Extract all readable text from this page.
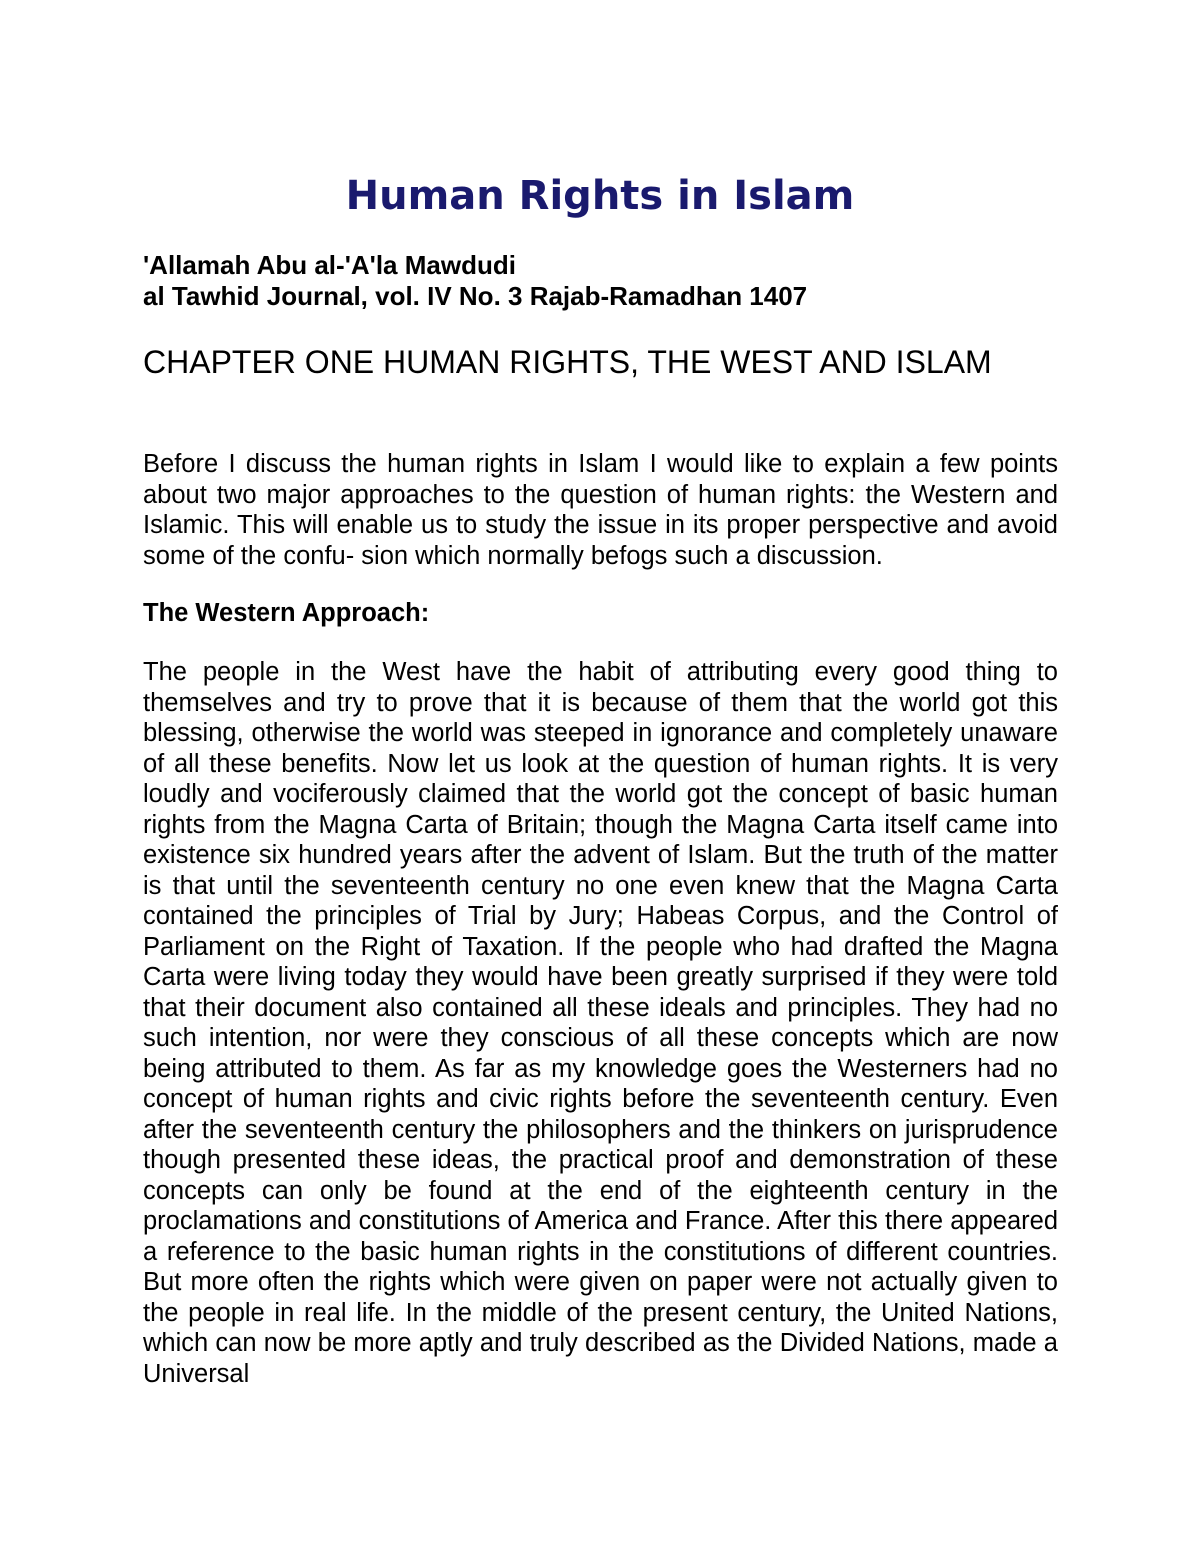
Human Rights in Islam
'Allamah Abu al-'A'la Mawdudi
al Tawhid Journal, vol. IV No. 3 Rajab-Ramadhan 1407
CHAPTER ONE HUMAN RIGHTS, THE WEST AND ISLAM

Before I discuss the human rights in Islam I would like to explain a few points about two major approaches to the question of human rights: the Western and Islamic. This will enable us to study the issue in its proper perspective and avoid some of the confu- sion which normally befogs such a discussion.

The Western Approach:

The people in the West have the habit of attributing every good thing to themselves and try to prove that it is because of them that the world got this blessing, otherwise the world was steeped in ignorance and completely unaware of all these benefits. Now let us look at the question of human rights. It is very loudly and vociferously claimed that the world got the concept of basic human rights from the Magna Carta of Britain; though the Magna Carta itself came into existence six hundred years after the advent of Islam. But the truth of the matter is that until the seventeenth century no one even knew that the Magna Carta contained the principles of Trial by Jury; Habeas Corpus, and the Control of Parliament on the Right of Taxation. If the people who had drafted the Magna Carta were living today they would have been greatly surprised if they were told that their document also contained all these ideals and principles. They had no such intention, nor were they conscious of all these concepts which are now being attributed to them. As far as my knowledge goes the Westerners had no concept of human rights and civic rights before the seventeenth century. Even after the seventeenth century the philosophers and the thinkers on jurisprudence though presented these ideas, the practical proof and demonstration of these concepts can only be found at the end of the eighteenth century in the proclamations and constitutions of America and France. After this there appeared a reference to the basic human rights in the constitutions of different countries. But more often the rights which were given on paper were not actually given to the people in real life. In the middle of the present century, the United Nations, which can now be more aptly and truly described as the Divided Nations, made a Universal
